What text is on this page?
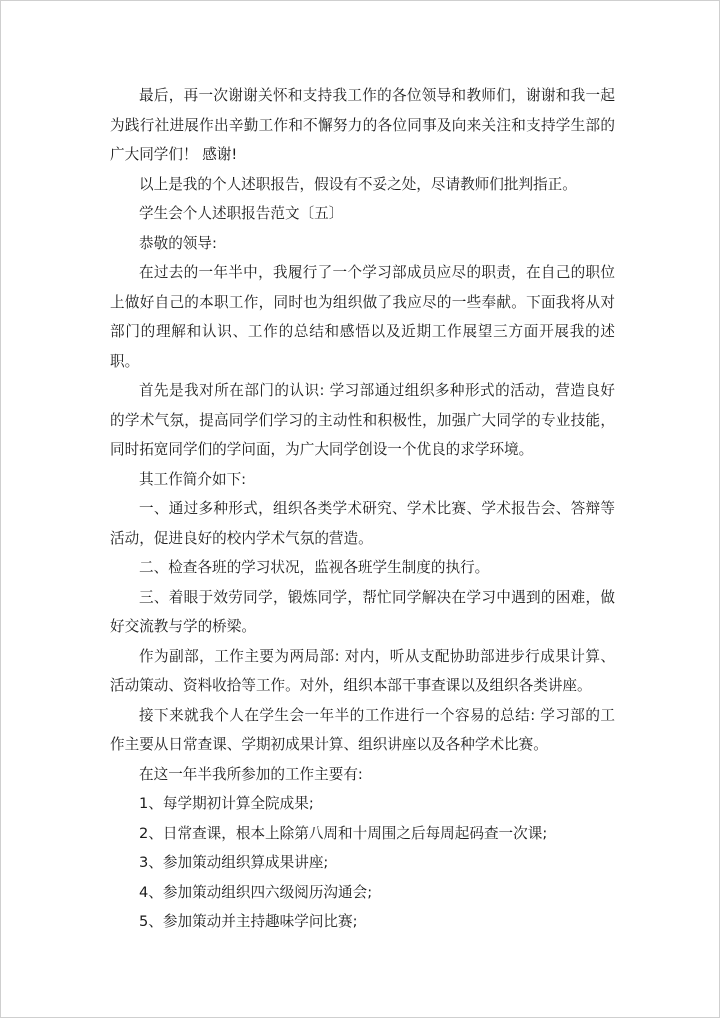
最后，再一次谢谢关怀和支持我工作的各位领导和教师们，谢谢和我一起为践行社进展作出辛勤工作和不懈努力的各位同事及向来关注和支持学生部的广大同学们！ 感谢!

以上是我的个人述职报告，假设有不妥之处，尽请教师们批判指正。

学生会个人述职报告范文〔五〕

恭敬的领导:

在过去的一年半中，我履行了一个学习部成员应尽的职责，在自己的职位上做好自己的本职工作，同时也为组织做了我应尽的一些奉献。下面我将从对部门的理解和认识、工作的总结和感悟以及近期工作展望三方面开展我的述职。

首先是我对所在部门的认识: 学习部通过组织多种形式的活动，营造良好的学术气氛，提高同学们学习的主动性和积极性，加强广大同学的专业技能，同时拓宽同学们的学问面，为广大同学创设一个优良的求学环境。

其工作简介如下:

一、通过多种形式，组织各类学术研究、学术比赛、学术报告会、答辩等活动，促进良好的校内学术气氛的营造。

二、检查各班的学习状况，监视各班学生制度的执行。

三、着眼于效劳同学，锻炼同学，帮忙同学解决在学习中遇到的困难，做好交流教与学的桥梁。

作为副部，工作主要为两局部: 对内，听从支配协助部进步行成果计算、活动策动、资料收拾等工作。对外，组织本部干事查课以及组织各类讲座。

接下来就我个人在学生会一年半的工作进行一个容易的总结: 学习部的工作主要从日常查课、学期初成果计算、组织讲座以及各种学术比赛。

在这一年半我所参加的工作主要有:

1、每学期初计算全院成果;

2、日常查课，根本上除第八周和十周围之后每周起码查一次课;

3、参加策动组织算成果讲座;

4、参加策动组织四六级阅历沟通会;

5、参加策动并主持趣味学问比赛;
